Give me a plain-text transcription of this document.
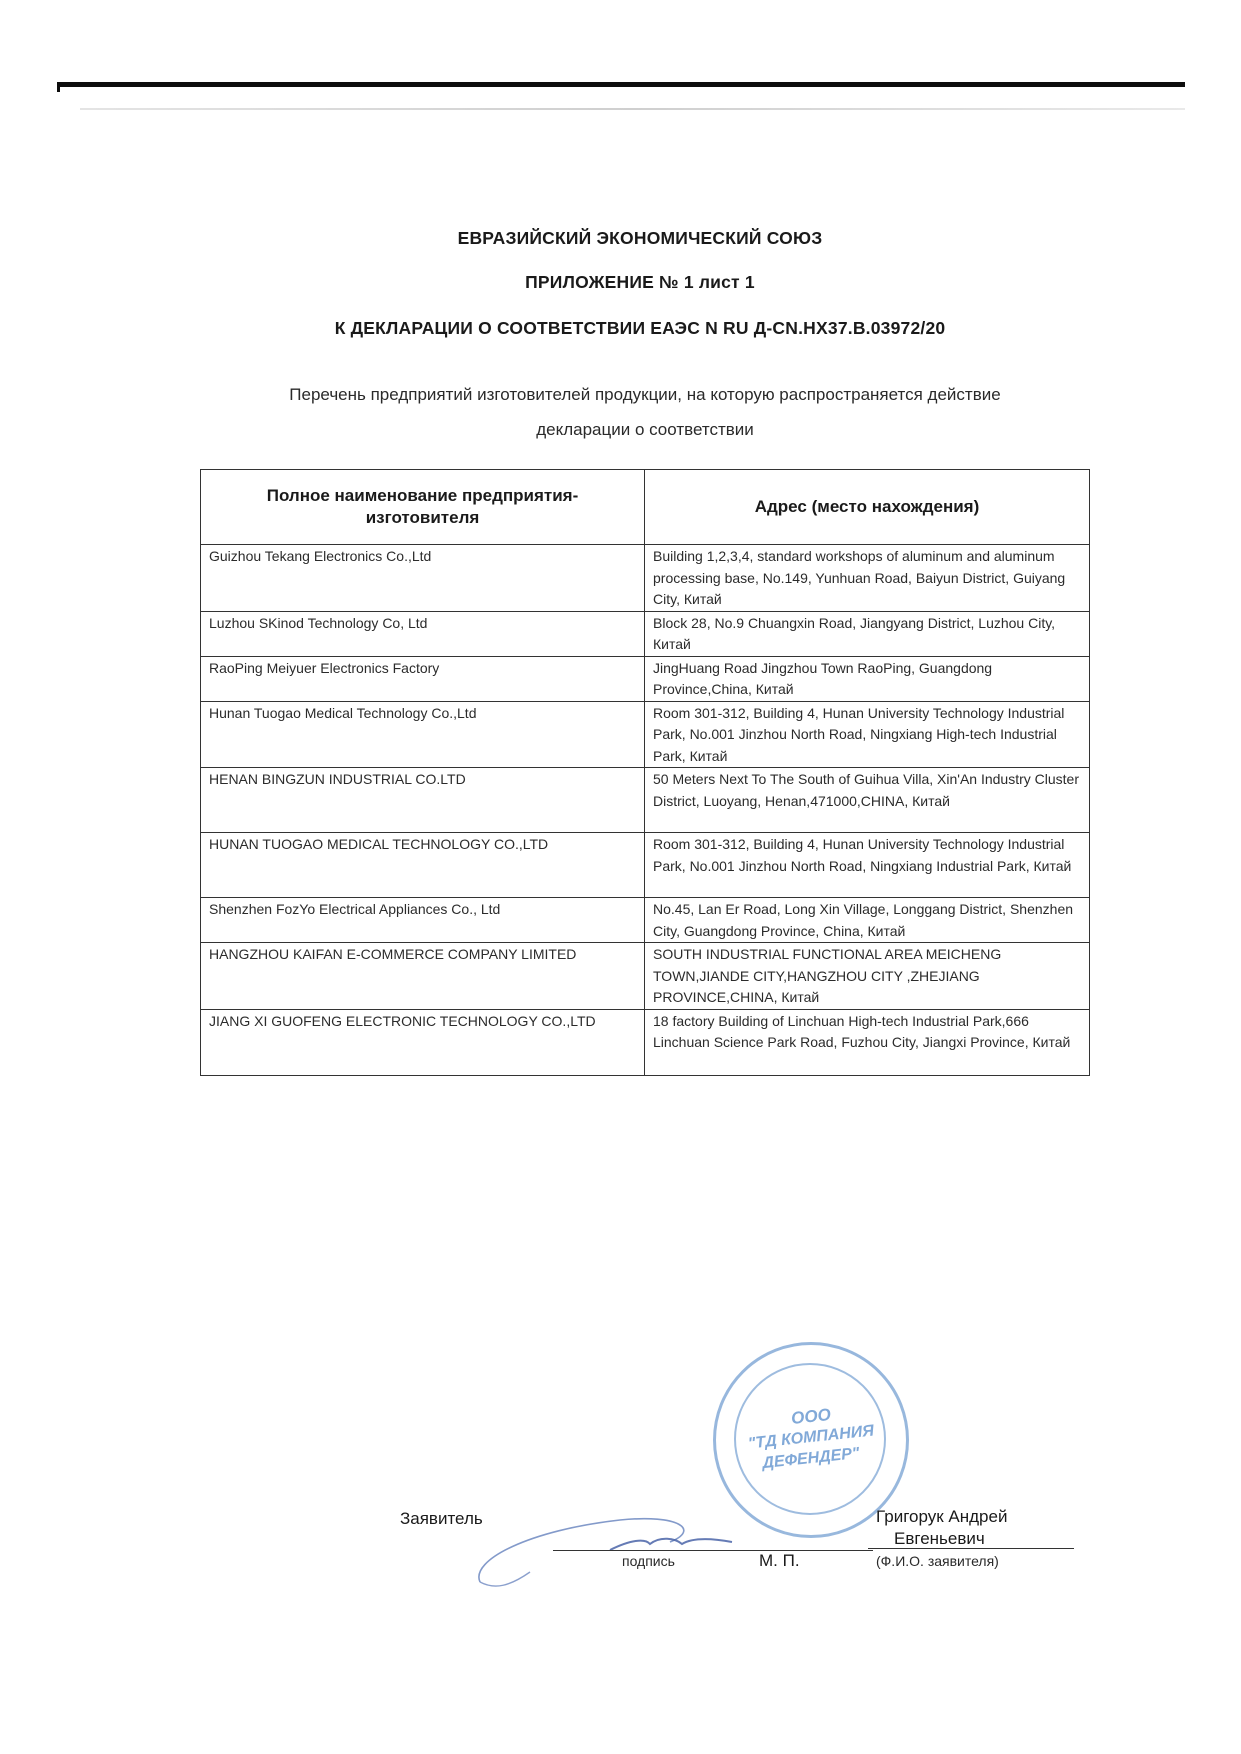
ЕВРАЗИЙСКИЙ ЭКОНОМИЧЕСКИЙ СОЮЗ
ПРИЛОЖЕНИЕ № 1 лист 1
К ДЕКЛАРАЦИИ О СООТВЕТСТВИИ ЕАЭС N RU Д-CN.НХ37.В.03972/20
Перечень предприятий изготовителей продукции, на которую распространяется действие
декларации о соответствии
Полное наименование предприятия-изготовителя	Адрес (место нахождения)
Guizhou Tekang Electronics Co.,Ltd	Building 1,2,3,4, standard workshops of aluminum and aluminum processing base, No.149, Yunhuan Road, Baiyun District, Guiyang City, Китай
Luzhou SKinod Technology Co, Ltd	Block 28, No.9 Chuangxin Road, Jiangyang District, Luzhou City, Китай
RaoPing Meiyuer Electronics Factory	JingHuang Road Jingzhou Town RaoPing, Guangdong Province,China, Китай
Hunan Tuogao Medical Technology Co.,Ltd	Room 301-312, Building 4, Hunan University Technology Industrial Park, No.001 Jinzhou North Road, Ningxiang High-tech Industrial Park, Китай
HENAN BINGZUN INDUSTRIAL CO.LTD	50 Meters Next To The South of Guihua Villa, Xin'An Industry Cluster District, Luoyang, Henan,471000,CHINA, Китай
HUNAN TUOGAO MEDICAL TECHNOLOGY CO.,LTD	Room 301-312, Building 4, Hunan University Technology Industrial Park, No.001 Jinzhou North Road, Ningxiang Industrial Park, Китай
Shenzhen FozYo Electrical Appliances Co., Ltd	No.45, Lan Er Road, Long Xin Village, Longgang District, Shenzhen City, Guangdong Province, China, Китай
HANGZHOU KAIFAN E-COMMERCE COMPANY LIMITED	SOUTH INDUSTRIAL FUNCTIONAL AREA MEICHENG TOWN,JIANDE CITY,HANGZHOU CITY ,ZHEJIANG PROVINCE,CHINA, Китай
JIANG XI GUOFENG ELECTRONIC TECHNOLOGY CO.,LTD	18 factory Building of Linchuan High-tech Industrial Park,666 Linchuan Science Park Road, Fuzhou City, Jiangxi Province, Китай
ООО
"ТД КОМПАНИЯ
ДЕФЕНДЕР"
Заявитель
подпись	М. П.
Григорук Андрей
Евгеньевич
(Ф.И.О. заявителя)
